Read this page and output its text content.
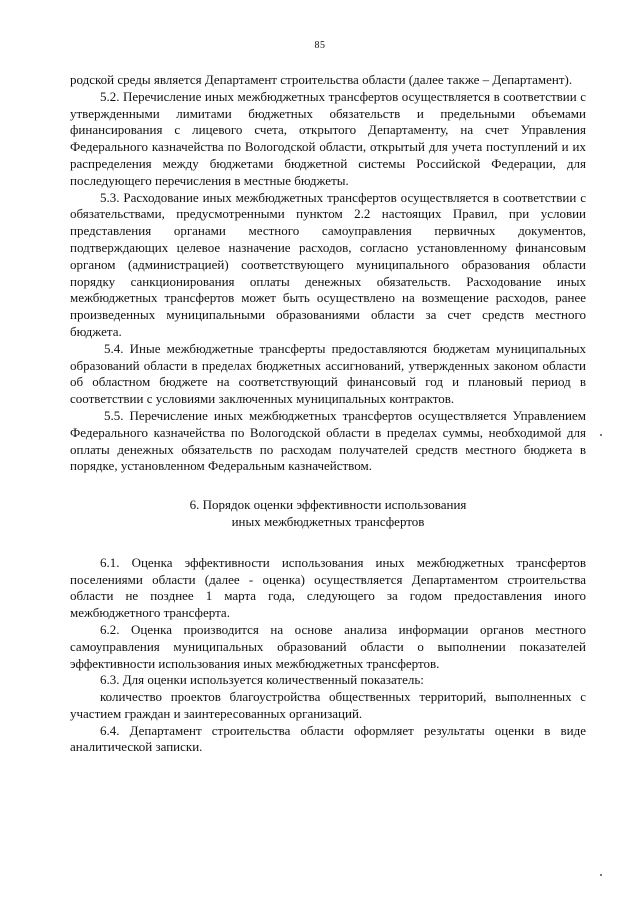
85

родской среды является Департамент строительства области (далее также – Департамент).

5.2. Перечисление иных межбюджетных трансфертов осуществляется в соответствии с утвержденными лимитами бюджетных обязательств и предельными объемами финансирования с лицевого счета, открытого Департаменту, на счет Управления Федерального казначейства по Вологодской области, открытый для учета поступлений и их распределения между бюджетами бюджетной системы Российской Федерации, для последующего перечисления в местные бюджеты.

5.3. Расходование иных межбюджетных трансфертов осуществляется в соответствии с обязательствами, предусмотренными пунктом 2.2 настоящих Правил, при условии представления органами местного самоуправления первичных документов, подтверждающих целевое назначение расходов, согласно установленному финансовым органом (администрацией) соответствующего муниципального образования области порядку санкционирования оплаты денежных обязательств. Расходование иных межбюджетных трансфертов может быть осуществлено на возмещение расходов, ранее произведенных муниципальными образованиями области за счет средств местного бюджета.

5.4. Иные межбюджетные трансферты предоставляются бюджетам муниципальных образований области в пределах бюджетных ассигнований, утвержденных законом области об областном бюджете на соответствующий финансовый год и плановый период в соответствии с условиями заключенных муниципальных контрактов.

5.5. Перечисление иных межбюджетных трансфертов осуществляется Управлением Федерального казначейства по Вологодской области в пределах суммы, необходимой для оплаты денежных обязательств по расходам получателей средств местного бюджета в порядке, установленном Федеральным казначейством.

6. Порядок оценки эффективности использования
иных межбюджетных трансфертов

6.1. Оценка эффективности использования иных межбюджетных трансфертов поселениями области (далее - оценка) осуществляется Департаментом строительства области не позднее 1 марта года, следующего за годом предоставления иного межбюджетного трансферта.

6.2. Оценка производится на основе анализа информации органов местного самоуправления муниципальных образований области о выполнении показателей эффективности использования иных межбюджетных трансфертов.

6.3. Для оценки используется количественный показатель:

количество проектов благоустройства общественных территорий, выполненных с участием граждан и заинтересованных организаций.

6.4. Департамент строительства области оформляет результаты оценки в виде аналитической записки.
